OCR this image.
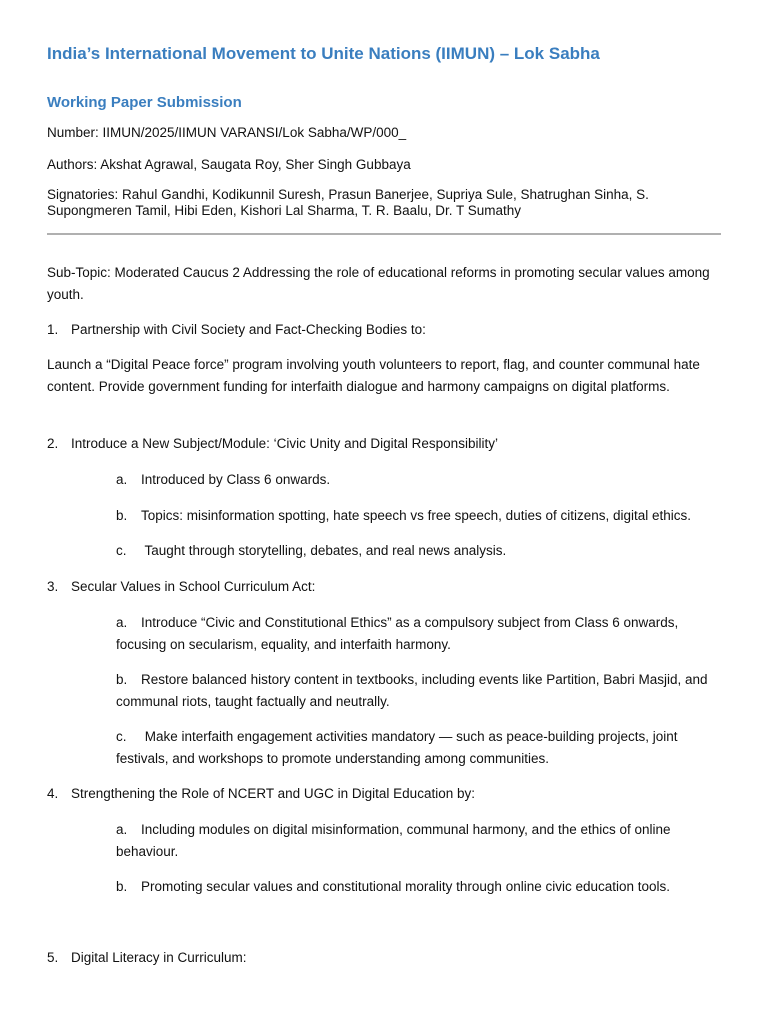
India’s International Movement to Unite Nations (IIMUN) – Lok Sabha
Working Paper Submission
Number: IIMUN/2025/IIMUN VARANSI/Lok Sabha/WP/000_
Authors: Akshat Agrawal, Saugata Roy, Sher Singh Gubbaya
Signatories: Rahul Gandhi, Kodikunnil Suresh, Prasun Banerjee, Supriya Sule, Shatrughan Sinha, S. Supongmeren Tamil, Hibi Eden, Kishori Lal Sharma, T. R. Baalu, Dr. T Sumathy
Sub-Topic: Moderated Caucus 2 Addressing the role of educational reforms in promoting secular values among youth.
1. Partnership with Civil Society and Fact-Checking Bodies to:
Launch a “Digital Peace force” program involving youth volunteers to report, flag, and counter communal hate content. Provide government funding for interfaith dialogue and harmony campaigns on digital platforms.
2. Introduce a New Subject/Module: ‘Civic Unity and Digital Responsibility’
a. Introduced by Class 6 onwards.
b. Topics: misinformation spotting, hate speech vs free speech, duties of citizens, digital ethics.
c. Taught through storytelling, debates, and real news analysis.
3. Secular Values in School Curriculum Act:
a. Introduce “Civic and Constitutional Ethics” as a compulsory subject from Class 6 onwards, focusing on secularism, equality, and interfaith harmony.
b. Restore balanced history content in textbooks, including events like Partition, Babri Masjid, and communal riots, taught factually and neutrally.
c. Make interfaith engagement activities mandatory — such as peace-building projects, joint festivals, and workshops to promote understanding among communities.
4. Strengthening the Role of NCERT and UGC in Digital Education by:
a. Including modules on digital misinformation, communal harmony, and the ethics of online behaviour.
b. Promoting secular values and constitutional morality through online civic education tools.
5. Digital Literacy in Curriculum:
